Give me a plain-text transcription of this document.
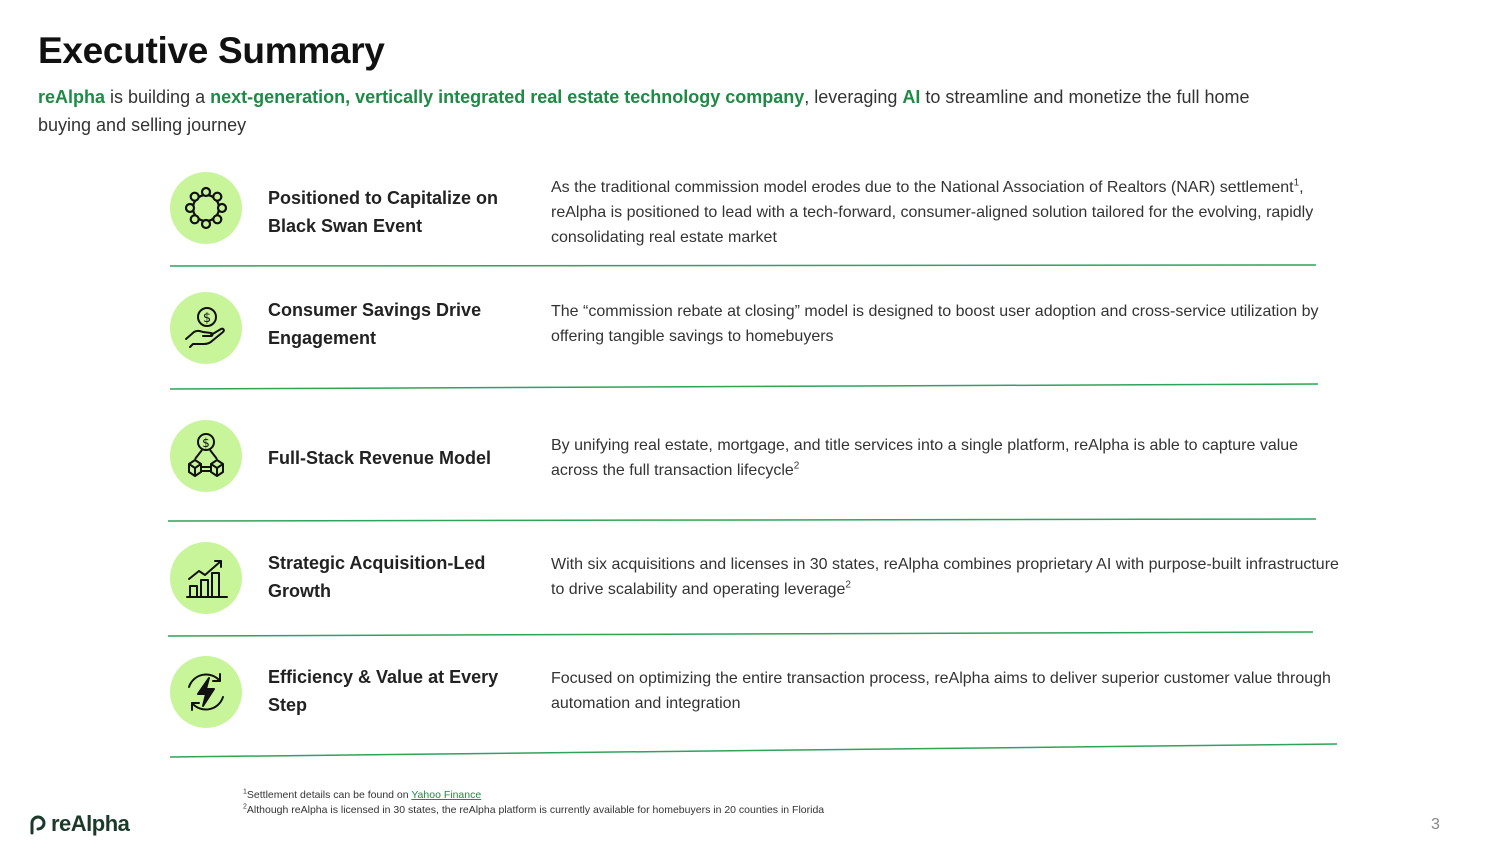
Executive Summary
reAlpha is building a next-generation, vertically integrated real estate technology company, leveraging AI to streamline and monetize the full home buying and selling journey
Positioned to Capitalize on Black Swan Event
As the traditional commission model erodes due to the National Association of Realtors (NAR) settlement$^1$, reAlpha is positioned to lead with a tech-forward, consumer-aligned solution tailored for the evolving, rapidly consolidating real estate market
$	Consumer Savings Drive Engagement
The “commission rebate at closing” model is designed to boost user adoption and cross-service utilization by offering tangible savings to homebuyers
$
Full-Stack Revenue Model
By unifying real estate, mortgage, and title services into a single platform, reAlpha is able to capture value across the full transaction lifecycle$^2$
Strategic Acquisition-Led Growth
With six acquisitions and licenses in 30 states, reAlpha combines proprietary AI with purpose-built infrastructure to drive scalability and operating leverage$^2$
Efficiency & Value at Every Step
Focused on optimizing the entire transaction process, reAlpha aims to deliver superior customer value through automation and integration
$^1$Settlement details can be found on Yahoo Finance
$^2$Although reAlpha is licensed in 30 states, the reAlpha platform is currently available for homebuyers in 20 counties in Florida
reAlpha	3
